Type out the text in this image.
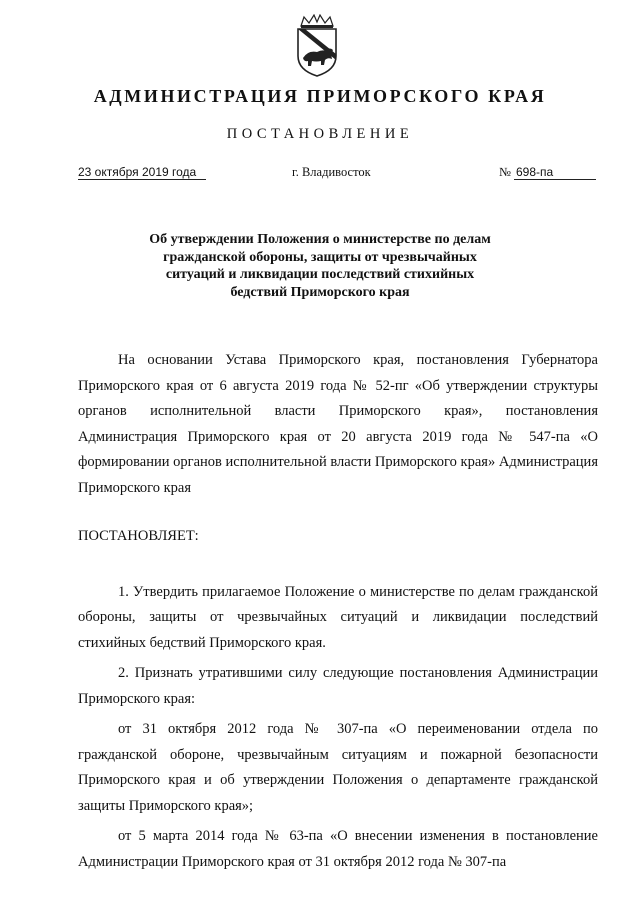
АДМИНИСТРАЦИЯ ПРИМОРСКОГО КРАЯ
ПОСТАНОВЛЕНИЕ
23 октября 2019 года	г. Владивосток	№ 698-па
Об утверждении Положения о министерстве по делам
гражданской обороны, защиты от чрезвычайных
ситуаций и ликвидации последствий стихийных
бедствий Приморского края

На основании Устава Приморского края, постановления Губернатора Приморского края от 6 августа 2019 года № 52-пг «Об утверждении структуры органов исполнительной власти Приморского края», постановления Администрация Приморского края от 20 августа 2019 года № 547-па «О формировании органов исполнительной власти Приморского края» Администрация Приморского края

ПОСТАНОВЛЯЕТ:

1. Утвердить прилагаемое Положение о министерстве по делам гражданской обороны, защиты от чрезвычайных ситуаций и ликвидации последствий стихийных бедствий Приморского края.

2. Признать утратившими силу следующие постановления Администрации Приморского края:

от 31 октября 2012 года № 307-па «О переименовании отдела по гражданской обороне, чрезвычайным ситуациям и пожарной безопасности Приморского края и об утверждении Положения о департаменте гражданской защиты Приморского края»;

от 5 марта 2014 года № 63-па «О внесении изменения в постановление Администрации Приморского края от 31 октября 2012 года № 307-па
